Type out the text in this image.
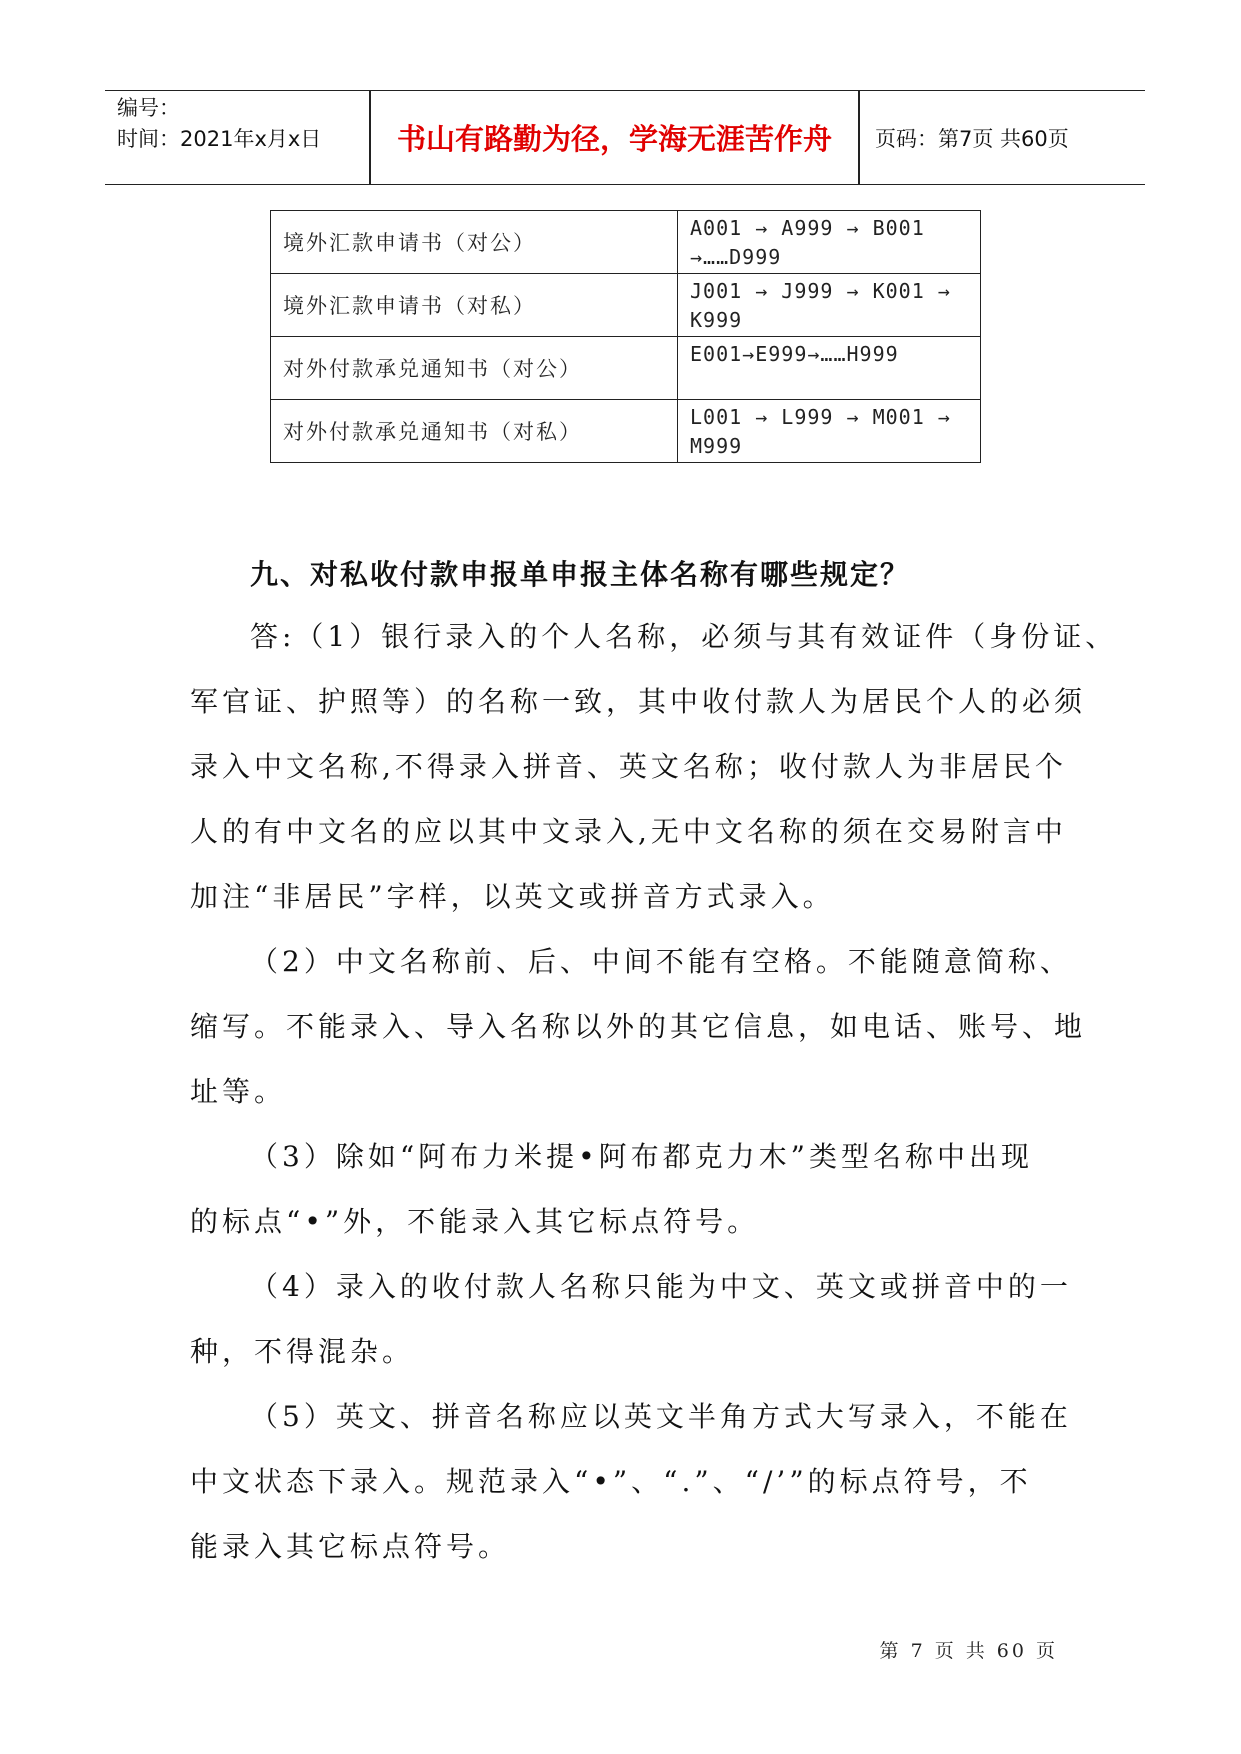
编号：
时间：2021年x月x日	书山有路勤为径，学海无涯苦作舟	页码：第7页 共60页
境外汇款申请书（对公）	A001 → A999 → B001 →……D999
境外汇款申请书（对私）	J001 → J999 → K001 → K999
对外付款承兑通知书（对公）	E001→E999→……H999
对外付款承兑通知书（对私）	L001 → L999 → M001 → M999
九、对私收付款申报单申报主体名称有哪些规定？
答:（1）银行录入的个人名称，必须与其有效证件（身份证、
军官证、护照等）的名称一致，其中收付款人为居民个人的必须
录入中文名称,不得录入拼音、英文名称；收付款人为非居民个
人的有中文名的应以其中文录入,无中文名称的须在交易附言中
加注“非居民”字样，以英文或拼音方式录入。
（2）中文名称前、后、中间不能有空格。不能随意简称、
缩写。不能录入、导入名称以外的其它信息，如电话、账号、地
址等。
（3）除如“阿布力米提•阿布都克力木”类型名称中出现
的标点“•”外，不能录入其它标点符号。
（4）录入的收付款人名称只能为中文、英文或拼音中的一
种，不得混杂。
（5）英文、拼音名称应以英文半角方式大写录入，不能在
中文状态下录入。规范录入“•”、“.”、“/’”的标点符号，不
能录入其它标点符号。
第 7 页 共 60 页
